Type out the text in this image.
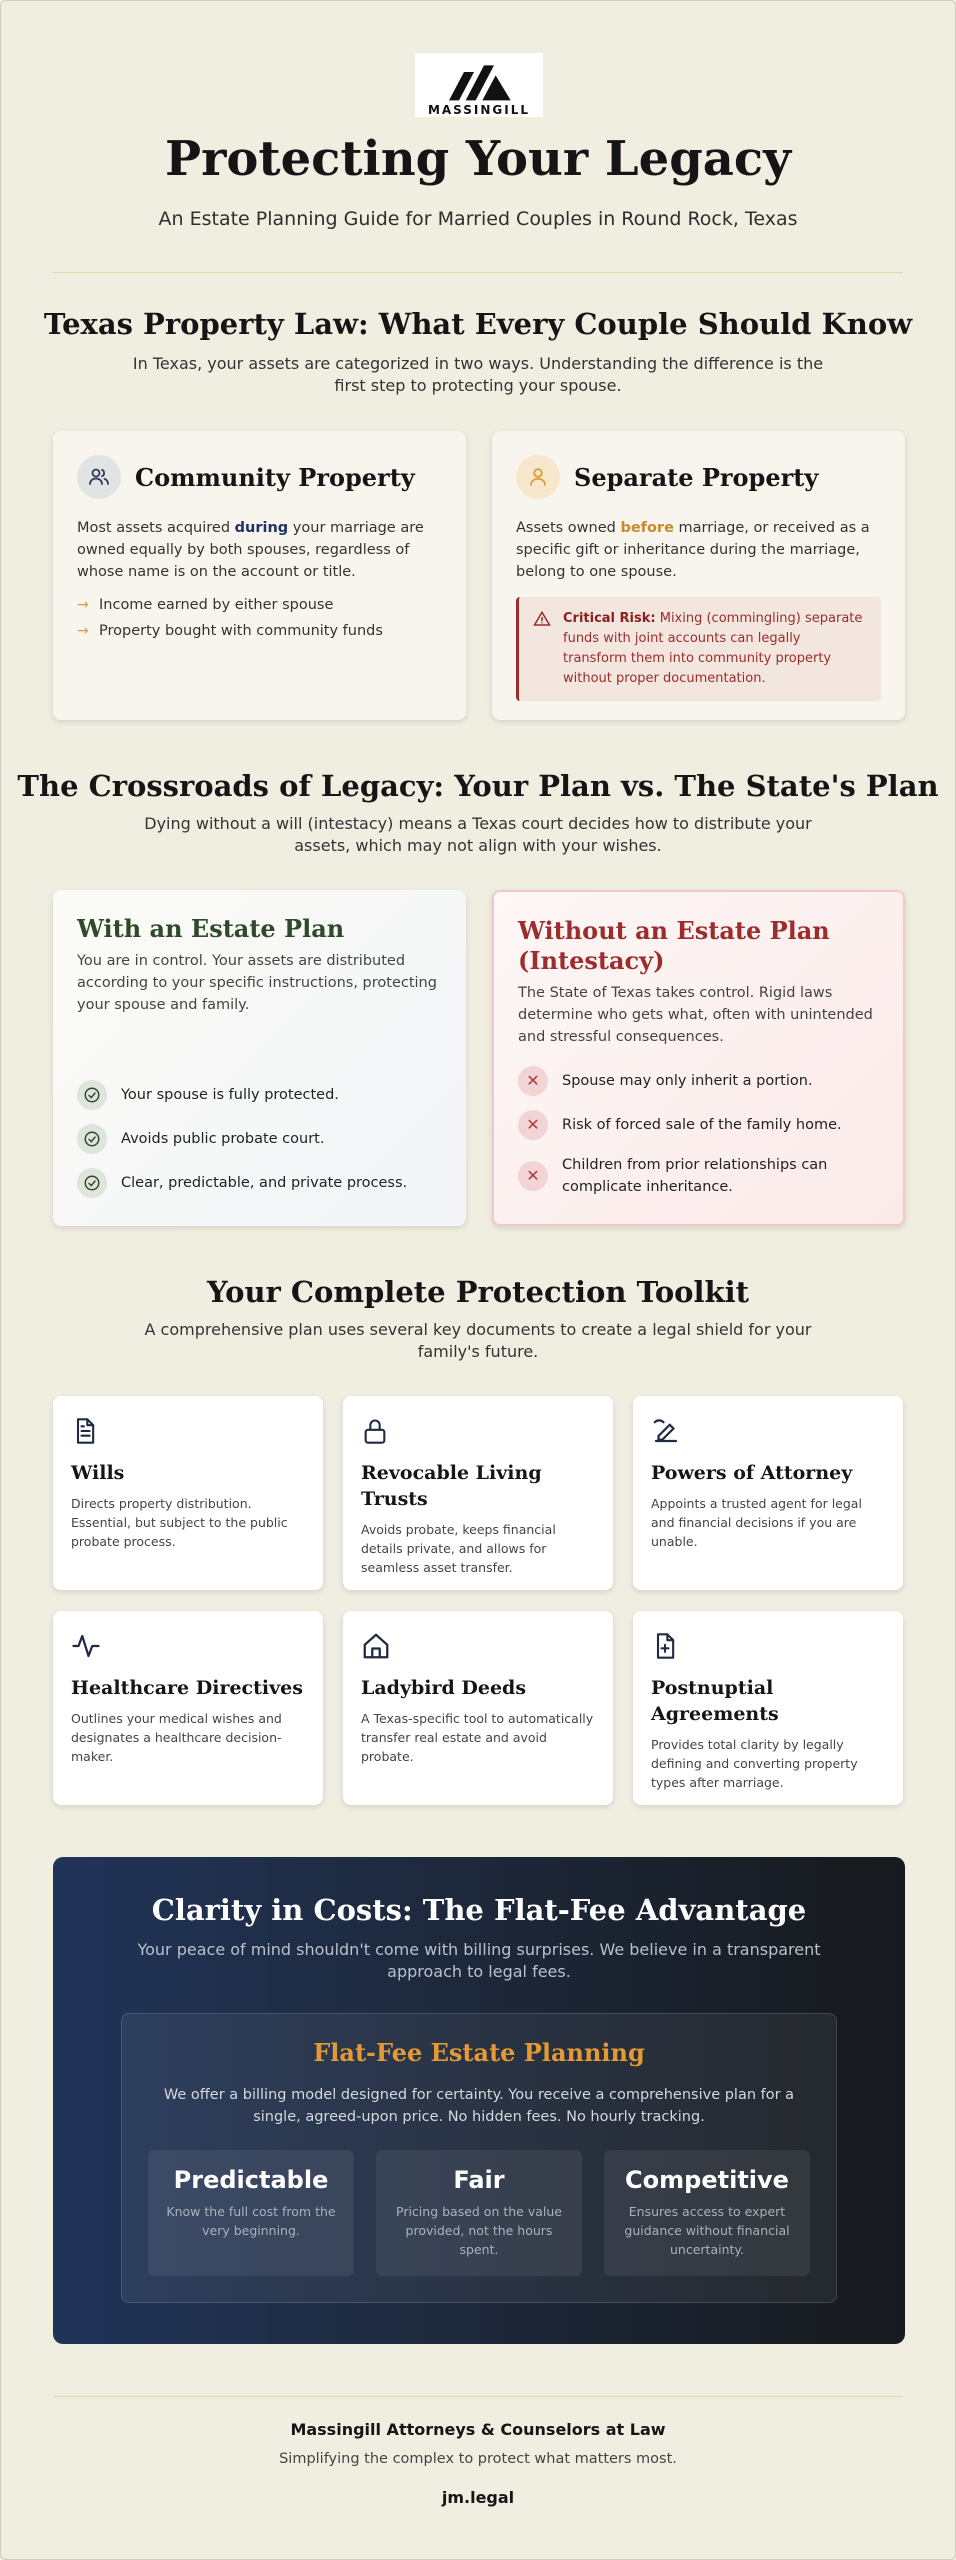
MASSINGILL
Protecting Your Legacy
An Estate Planning Guide for Married Couples in Round Rock, Texas
Texas Property Law: What Every Couple Should Know

In Texas, your assets are categorized in two ways. Understanding the difference is the first step to protecting your spouse.

Community Property

Most assets acquired during your marriage are owned equally by both spouses, regardless of whose name is on the account or title.

→ Income earned by either spouse
→ Property bought with community funds
Separate Property

Assets owned before marriage, or received as a specific gift or inheritance during the marriage, belong to one spouse.

Critical Risk: Mixing (commingling) separate funds with joint accounts can legally transform them into community property without proper documentation.
The Crossroads of Legacy: Your Plan vs. The State's Plan

Dying without a will (intestacy) means a Texas court decides how to distribute your assets, which may not align with your wishes.

With an Estate Plan

You are in control. Your assets are distributed according to your specific instructions, protecting your spouse and family.

Your spouse is fully protected.
Avoids public probate court.
Clear, predictable, and private process.
Without an Estate Plan (Intestacy)

The State of Texas takes control. Rigid laws determine who gets what, often with unintended and stressful consequences.

✕	Spouse may only inherit a portion.
✕	Risk of forced sale of the family home.
✕
Children from prior relationships can complicate inheritance.
Your Complete Protection Toolkit

A comprehensive plan uses several key documents to create a legal shield for your family's future.

Wills
Directs property distribution. Essential, but subject to the public probate process.
Revocable Living Trusts
Avoids probate, keeps financial details private, and allows for seamless asset transfer.
Powers of Attorney
Appoints a trusted agent for legal and financial decisions if you are unable.
Healthcare Directives
Outlines your medical wishes and designates a healthcare decision-maker.
Ladybird Deeds
A Texas-specific tool to automatically transfer real estate and avoid probate.
Postnuptial Agreements
Provides total clarity by legally defining and converting property types after marriage.
Clarity in Costs: The Flat-Fee Advantage

Your peace of mind shouldn't come with billing surprises. We believe in a transparent approach to legal fees.

Flat-Fee Estate Planning

We offer a billing model designed for certainty. You receive a comprehensive plan for a single, agreed-upon price. No hidden fees. No hourly tracking.

Predictable
Know the full cost from the very beginning.
Fair
Pricing based on the value provided, not the hours spent.
Competitive
Ensures access to expert guidance without financial uncertainty.
Massingill Attorneys & Counselors at Law
Simplifying the complex to protect what matters most.
jm.legal
